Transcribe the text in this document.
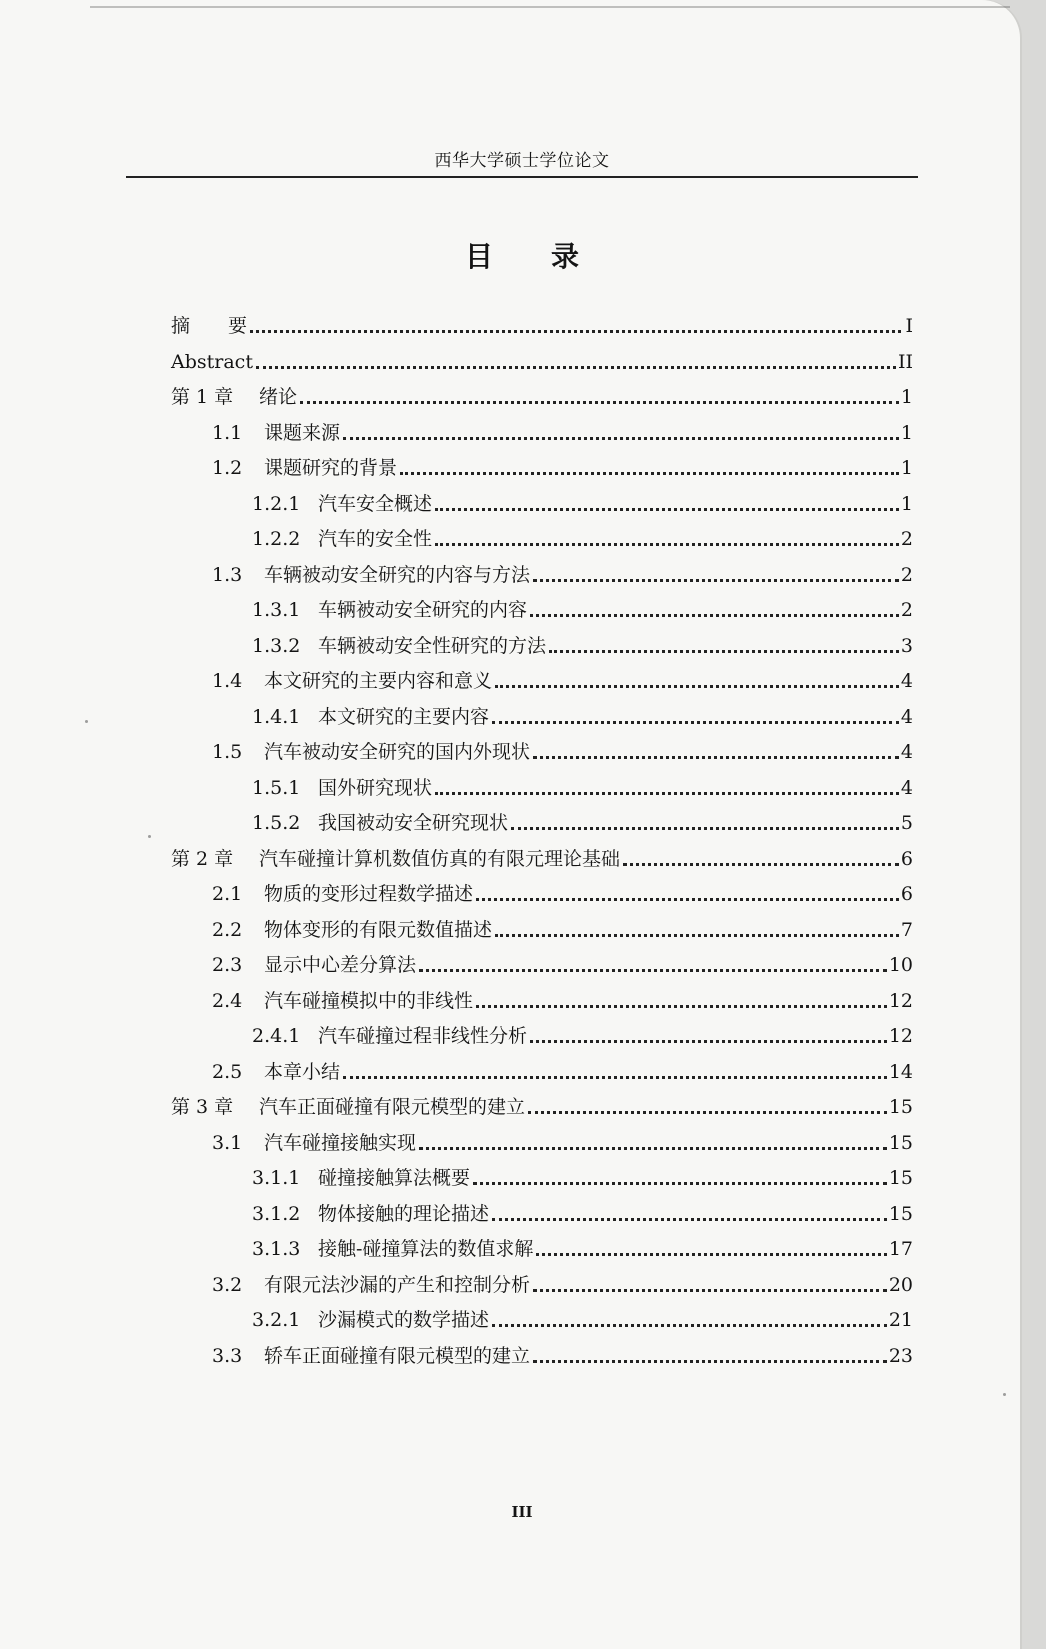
西华大学硕士学位论文
目 录
摘　　要	I
Abstract	II
第 1 章	绪论	1
1.1	课题来源	1
1.2	课题研究的背景	1
1.2.1 汽车安全概述	1
1.2.2 汽车的安全性	2
1.3	车辆被动安全研究的内容与方法	2
1.3.1 车辆被动安全研究的内容	2
1.3.2 车辆被动安全性研究的方法	3
1.4	本文研究的主要内容和意义	4
1.4.1 本文研究的主要内容	4
1.5	汽车被动安全研究的国内外现状	4
1.5.1 国外研究现状	4
1.5.2 我国被动安全研究现状	5
第 2 章	汽车碰撞计算机数值仿真的有限元理论基础	6
2.1	物质的变形过程数学描述	6
2.2	物体变形的有限元数值描述	7
2.3	显示中心差分算法	10
2.4	汽车碰撞模拟中的非线性	12
2.4.1 汽车碰撞过程非线性分析	12
2.5	本章小结	14
第 3 章	汽车正面碰撞有限元模型的建立	15
3.1	汽车碰撞接触实现	15
3.1.1 碰撞接触算法概要	15
3.1.2 物体接触的理论描述	15
3.1.3 接触-碰撞算法的数值求解	17
3.2	有限元法沙漏的产生和控制分析	20
3.2.1 沙漏模式的数学描述	21
3.3	轿车正面碰撞有限元模型的建立	23
III
